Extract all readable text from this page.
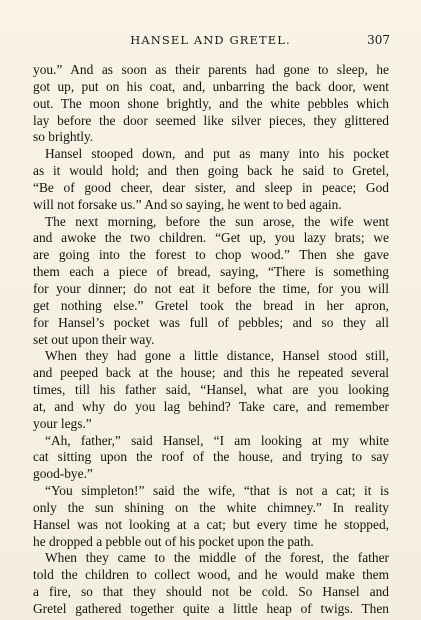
HANSEL AND GRETEL.	307
you.” And as soon as their parents had gone to sleep, he
got up, put on his coat, and, unbarring the back door, went
out. The moon shone brightly, and the white pebbles which
lay before the door seemed like silver pieces, they glittered
so brightly.
Hansel stooped down, and put as many into his pocket
as it would hold; and then going back he said to Gretel,
“Be of good cheer, dear sister, and sleep in peace; God
will not forsake us.” And so saying, he went to bed again.
The next morning, before the sun arose, the wife went
and awoke the two children. “Get up, you lazy brats; we
are going into the forest to chop wood.” Then she gave
them each a piece of bread, saying, “There is something
for your dinner; do not eat it before the time, for you will
get nothing else.” Gretel took the bread in her apron,
for Hansel’s pocket was full of pebbles; and so they all
set out upon their way.
When they had gone a little distance, Hansel stood still,
and peeped back at the house; and this he repeated several
times, till his father said, “Hansel, what are you looking
at, and why do you lag behind? Take care, and remember
your legs.”
“Ah, father,” said Hansel, “I am looking at my white
cat sitting upon the roof of the house, and trying to say
good-bye.”
“You simpleton!” said the wife, “that is not a cat; it is
only the sun shining on the white chimney.” In reality
Hansel was not looking at a cat; but every time he stopped,
he dropped a pebble out of his pocket upon the path.
When they came to the middle of the forest, the father
told the children to collect wood, and he would make them
a fire, so that they should not be cold. So Hansel and
Gretel gathered together quite a little heap of twigs. Then
